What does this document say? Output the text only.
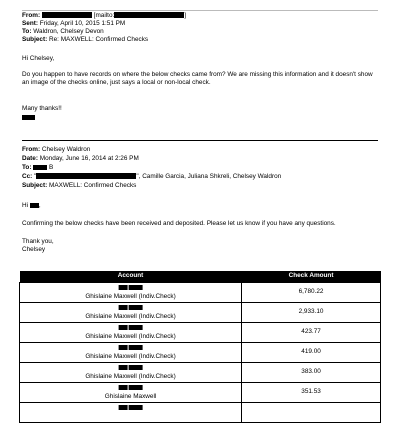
From:	[mailto:	]
Sent: Friday, April 10, 2015 1:51 PM
To: Waldron, Chelsey Devon
Subject: Re: MAXWELL: Confirmed Checks
Hi Chelsey,
Do you happen to have records on where the below checks came from? We are missing this information and it doesn't show
an image of the checks online, just says a local or non-local check.
Many thanks!!
From: Chelsey Waldron
Date: Monday, June 16, 2014 at 2:26 PM
To:	B
Cc: "	", Camille Garcia, Juliana Shkreli, Chelsey Waldron
Subject: MAXWELL: Confirmed Checks
Hi ,
Confirming the below checks have been received and deposited. Please let us know if you have any questions.
Thank you,
Chelsey
Account	Check Amount

Ghislaine Maxwell (Indiv.Check)	6,780.22

Ghislaine Maxwell (Indiv.Check)	2,933.10

Ghislaine Maxwell (Indiv.Check)	423.77

Ghislaine Maxwell (Indiv.Check)	419.00

Ghislaine Maxwell (Indiv.Check)	383.00

Ghislaine Maxwell	351.53
